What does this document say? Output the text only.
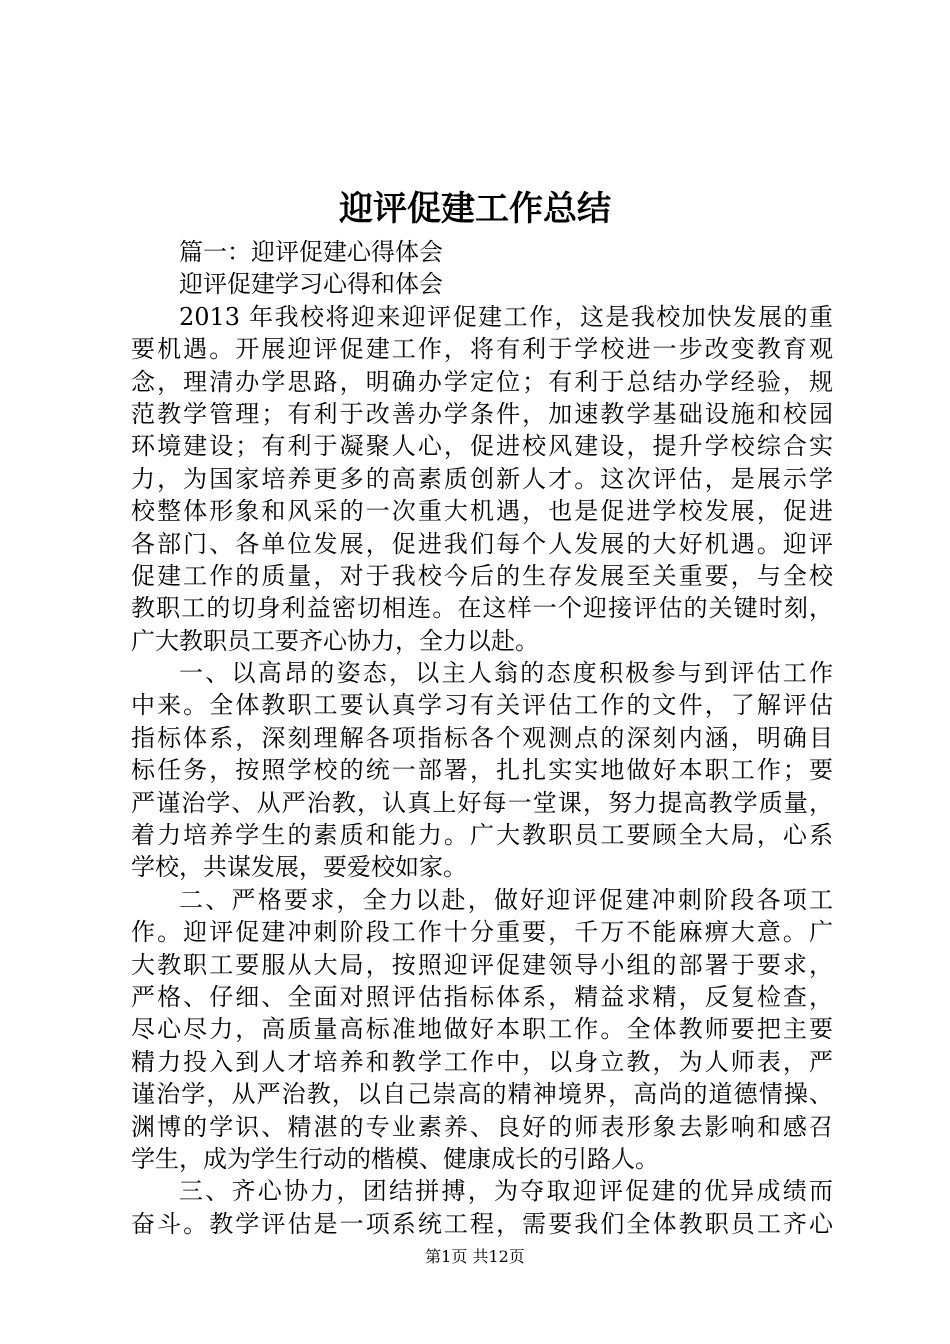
迎评促建工作总结

篇一：迎评促建心得体会

迎评促建学习心得和体会

2013 年我校将迎来迎评促建工作，这是我校加快发展的重

要机遇。开展迎评促建工作，将有利于学校进一步改变教育观

念，理清办学思路，明确办学定位；有利于总结办学经验，规

范教学管理；有利于改善办学条件，加速教学基础设施和校园

环境建设；有利于凝聚人心，促进校风建设，提升学校综合实

力，为国家培养更多的高素质创新人才。这次评估，是展示学

校整体形象和风采的一次重大机遇，也是促进学校发展，促进

各部门、各单位发展，促进我们每个人发展的大好机遇。迎评

促建工作的质量，对于我校今后的生存发展至关重要，与全校

教职工的切身利益密切相连。在这样一个迎接评估的关键时刻，

广大教职员工要齐心协力，全力以赴。

一、以高昂的姿态，以主人翁的态度积极参与到评估工作

中来。全体教职工要认真学习有关评估工作的文件，了解评估

指标体系，深刻理解各项指标各个观测点的深刻内涵，明确目

标任务，按照学校的统一部署，扎扎实实地做好本职工作；要

严谨治学、从严治教，认真上好每一堂课，努力提高教学质量，

着力培养学生的素质和能力。广大教职员工要顾全大局，心系

学校，共谋发展，要爱校如家。

二、严格要求，全力以赴，做好迎评促建冲刺阶段各项工

作。迎评促建冲刺阶段工作十分重要，千万不能麻痹大意。广

大教职工要服从大局，按照迎评促建领导小组的部署于要求，

严格、仔细、全面对照评估指标体系，精益求精，反复检查，

尽心尽力，高质量高标准地做好本职工作。全体教师要把主要

精力投入到人才培养和教学工作中，以身立教，为人师表，严

谨治学，从严治教，以自己崇高的精神境界，高尚的道德情操、

渊博的学识、精湛的专业素养、良好的师表形象去影响和感召

学生，成为学生行动的楷模、健康成长的引路人。

三、齐心协力，团结拼搏，为夺取迎评促建的优异成绩而

奋斗。教学评估是一项系统工程，需要我们全体教职员工齐心

第1页 共12页
